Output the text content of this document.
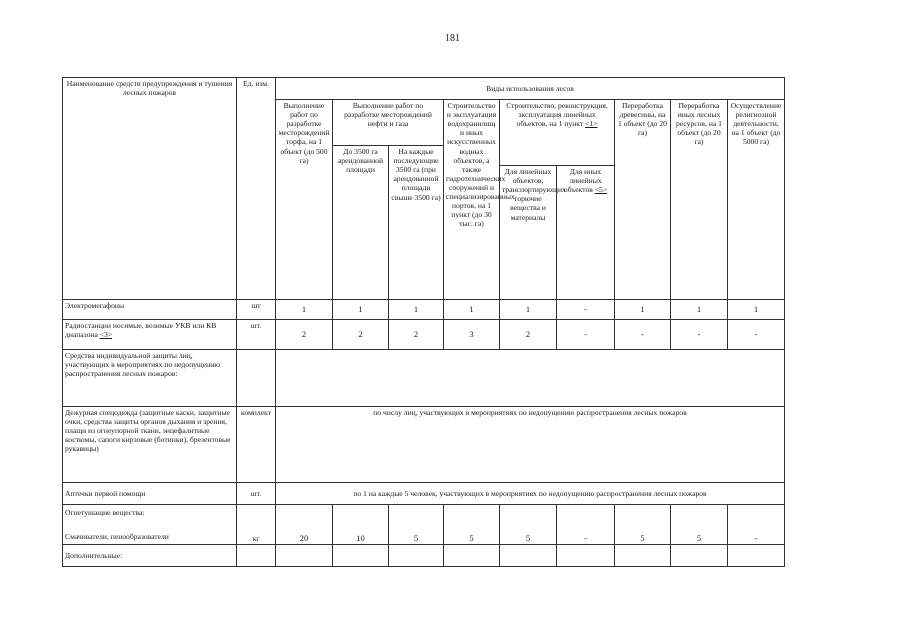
181
Наименование средств предупреждения и тушения лесных пожаров	Ед. изм.	Виды использования лесов								
		Выполнение работ по разработке месторождений торфа, на 1 объект (до 500 га)	Выполнение работ по разработке месторождений нефти и газа		Строительство и эксплуатация водохранилищ и иных искусственных водных объектов, а также гидротехнических сооружений и специализированных портов, на 1 пункт (до 30 тыс. га)	Строительство, реконструкция, эксплуатация линейных объектов, на 1 пункт <1>		Переработка древесины, на 1 объект (до 20 га)	Переработка иных лесных ресурсов, на 1 объект (до 20 га)	Осуществление религиозной деятельности, на 1 объект (до 5000 га)
			До 3500 га арендованной площади	На каждые последующие 3500 га (при арендованной площади свыше 3500 га)						
						Для линейных объектов, транспортирующих горючие вещества и материалы	Для иных линейных объектов <5>			
Электромегафоны	шт	1	1	1	1	1	-	1	1	1
Радиостанции носимые, возимые УКВ или КВ диапазона <3>	шт.	2	2	2	3	2	-	-	-	-
Средства индивидуальной защиты лиц, участвующих в мероприятиях по недопущению распространения лесных пожаров:										
Дежурная спецодежда (защитные каски, защитные очки, средства защиты органов дыхания и зрения, плащи из огнеупорной ткани, энцефалитные костюмы, сапоги кирзовые (ботинки), брезентовые рукавицы)	комплект	по числу лиц, участвующих в мероприятиях по недопущению распространения лесных пожаров								
Аптечки первой помощи	шт.	по 1 на каждые 5 человек, участвующих в мероприятиях по недопущению распространения лесных пожаров								

Огнетушащие вещества:
Смачиватели, пенообразователи	кг	20	10	5	5	5	-	5	5	-
Дополнительные:										
